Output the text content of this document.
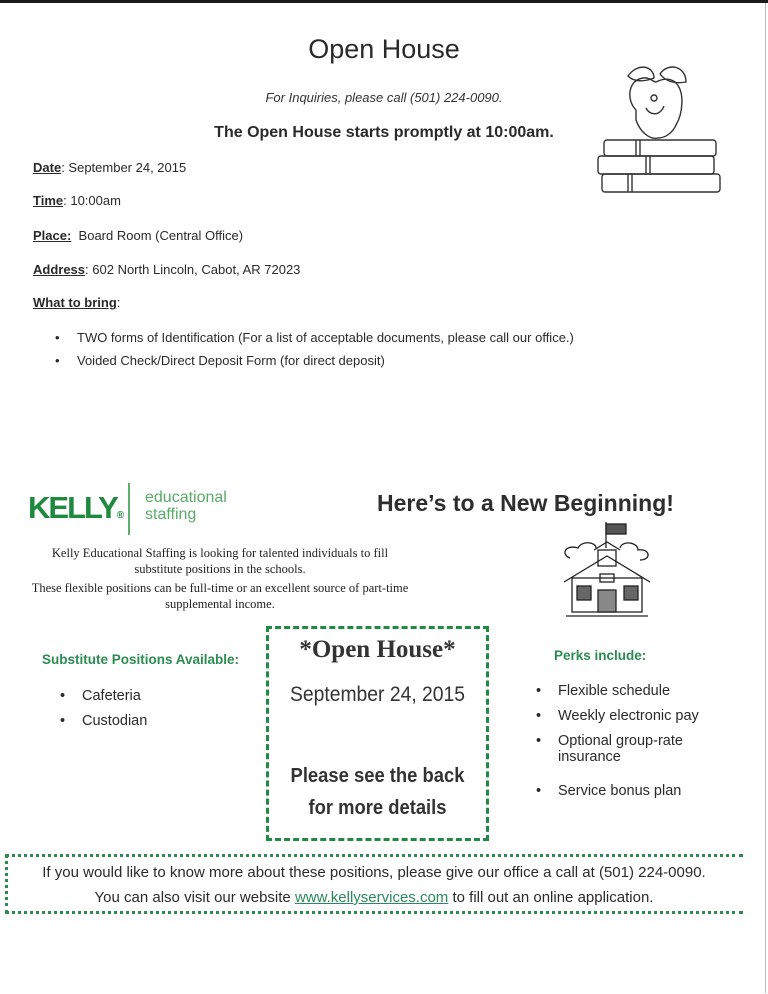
Open House
For Inquiries, please call (501) 224-0090.
The Open House starts promptly at 10:00am.
Date: September 24, 2015
Time: 10:00am
Place: Board Room (Central Office)
Address: 602 North Lincoln, Cabot, AR 72023
What to bring:
• TWO forms of Identification (For a list of acceptable documents, please call our office.)
• Voided Check/Direct Deposit Form (for direct deposit)
KELLY®
educational
staffing	Here’s to a New Beginning!

Kelly Educational Staffing is looking for talented individuals to fill substitute positions in the schools.

These flexible positions can be full-time or an excellent source of part-time supplemental income.

Substitute Positions Available:
• Cafeteria
• Custodian
*Open House*
September 24, 2015
Please see the back
for more details
Perks include:
• Flexible schedule
• Weekly electronic pay
• Optional group-rate insurance
• Service bonus plan
If you would like to know more about these positions, please give our office a call at (501) 224-0090.
You can also visit our website www.kellyservices.com to fill out an online application.
